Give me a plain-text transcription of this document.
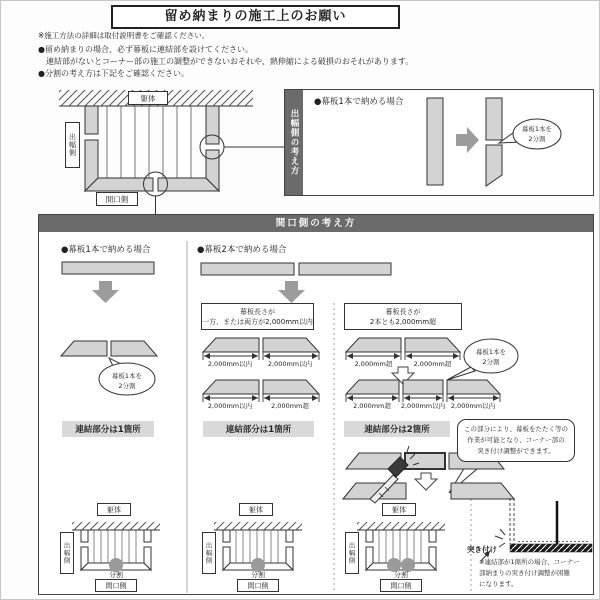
留め納まりの施工上のお願い
※施工方法の詳細は取付説明書をご確認ください。
●留め納まりの場合、必ず幕板に連結部を設けてください。
連結部がないとコーナー部の施工の調整ができないおそれや、熱伸縮による破損のおそれがあります。
●分割の考え方は下記をご確認ください。
躯体
出幅側
間口側
出幅側の考え方
●幕板1本で納める場合
幕板1本を
2分割
間口側の考え方
●幕板1本で納める場合	●幕板2本で納める場合
幕板1本を
2分割
連結部分は1箇所
幕板長さが
一方、または両方が2,000mm以内
2,000mm以内	2,000mm以内
2,000mm以内	2,000mm超
連結部分は1箇所
幕板長さが
2本とも2,000mm超
2,000mm超	2,000mm超
2,000mm超	2,000mm以内 2,000mm以内
幕板1本を
2分割
連結部分は2箇所	この部分により、幕板をたたく等の
作業が可能となり、コーナー部の
突き付け調整ができます。
躯体
出幅側
分割
間口側
躯体
出幅側
分割
間口側
躯体
出幅側
分割
間口側
突き付け
※連結部が1箇所の場合、コーナー
部納まりの突き付け調整が困難
になります。
